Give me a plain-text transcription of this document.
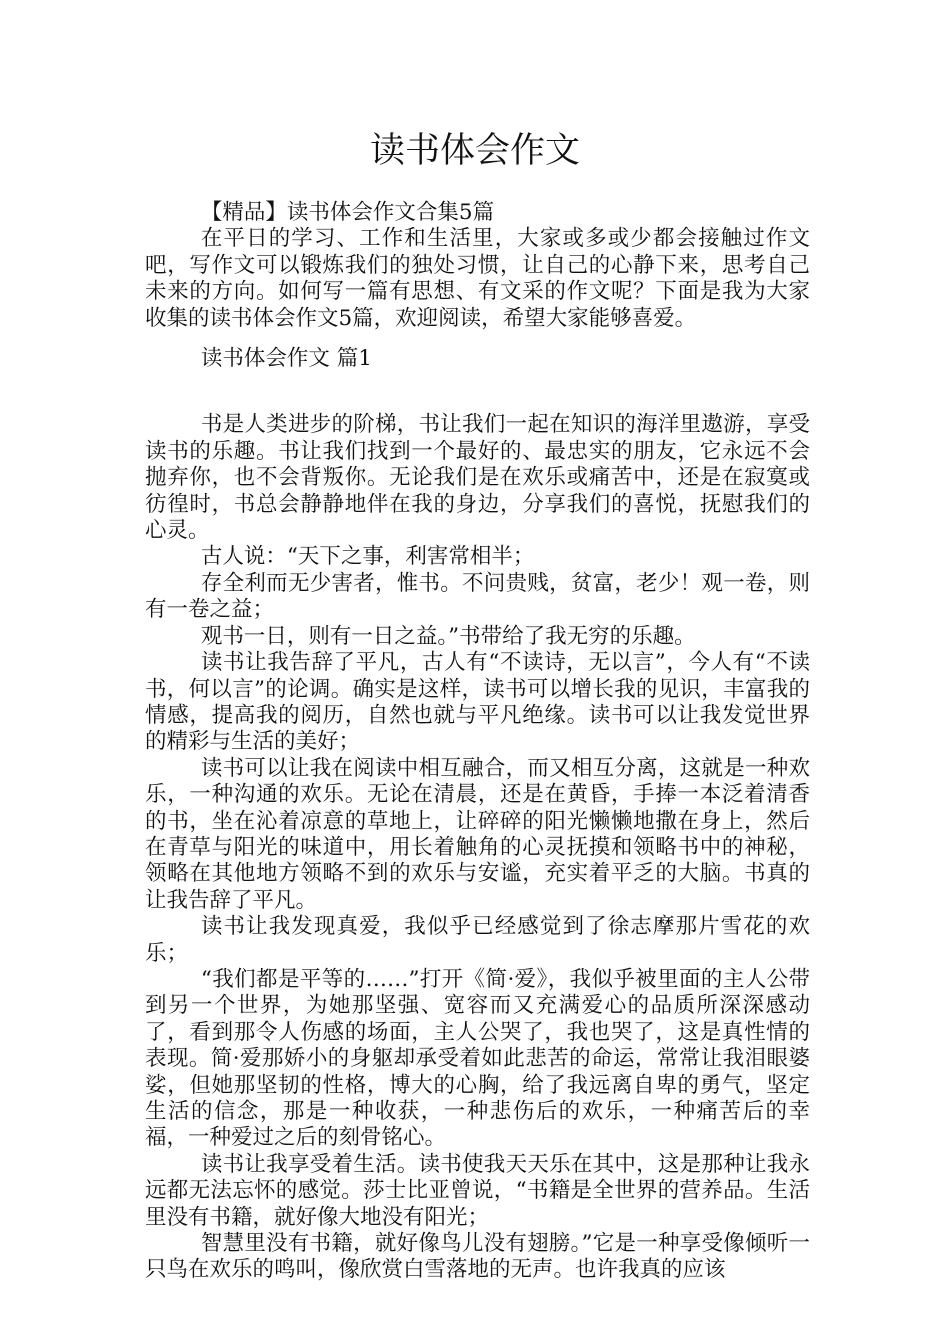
读书体会作文

【精品】读书体会作文合集5篇

在平日的学习、工作和生活里，大家或多或少都会接触过作文吧，写作文可以锻炼我们的独处习惯，让自己的心静下来，思考自己未来的方向。如何写一篇有思想、有文采的作文呢？下面是我为大家收集的读书体会作文5篇，欢迎阅读，希望大家能够喜爱。

读书体会作文 篇1

书是人类进步的阶梯，书让我们一起在知识的海洋里遨游，享受读书的乐趣。书让我们找到一个最好的、最忠实的朋友，它永远不会抛弃你，也不会背叛你。无论我们是在欢乐或痛苦中，还是在寂寞或彷徨时，书总会静静地伴在我的身边，分享我们的喜悦，抚慰我们的心灵。

古人说：“天下之事，利害常相半；

存全利而无少害者，惟书。不问贵贱，贫富，老少！观一卷，则有一卷之益；

观书一日，则有一日之益。”书带给了我无穷的乐趣。

读书让我告辞了平凡，古人有“不读诗，无以言”，今人有“不读书，何以言”的论调。确实是这样，读书可以增长我的见识，丰富我的情感，提高我的阅历，自然也就与平凡绝缘。读书可以让我发觉世界的精彩与生活的美好；

读书可以让我在阅读中相互融合，而又相互分离，这就是一种欢乐，一种沟通的欢乐。无论在清晨，还是在黄昏，手捧一本泛着清香的书，坐在沁着凉意的草地上，让碎碎的阳光懒懒地撒在身上，然后在青草与阳光的味道中，用长着触角的心灵抚摸和领略书中的神秘，领略在其他地方领略不到的欢乐与安谧，充实着平乏的大脑。书真的让我告辞了平凡。

读书让我发现真爱，我似乎已经感觉到了徐志摩那片雪花的欢乐；

“我们都是平等的……”打开《简·爱》，我似乎被里面的主人公带到另一个世界，为她那坚强、宽容而又充满爱心的品质所深深感动了，看到那令人伤感的场面，主人公哭了，我也哭了，这是真性情的表现。简·爱那娇小的身躯却承受着如此悲苦的命运，常常让我泪眼婆娑，但她那坚韧的性格，博大的心胸，给了我远离自卑的勇气，坚定生活的信念，那是一种收获，一种悲伤后的欢乐，一种痛苦后的幸福，一种爱过之后的刻骨铭心。

读书让我享受着生活。读书使我天天乐在其中，这是那种让我永远都无法忘怀的感觉。莎士比亚曾说，“书籍是全世界的营养品。生活里没有书籍，就好像大地没有阳光；

智慧里没有书籍，就好像鸟儿没有翅膀。”它是一种享受像倾听一只鸟在欢乐的鸣叫，像欣赏白雪落地的无声。也许我真的应该
